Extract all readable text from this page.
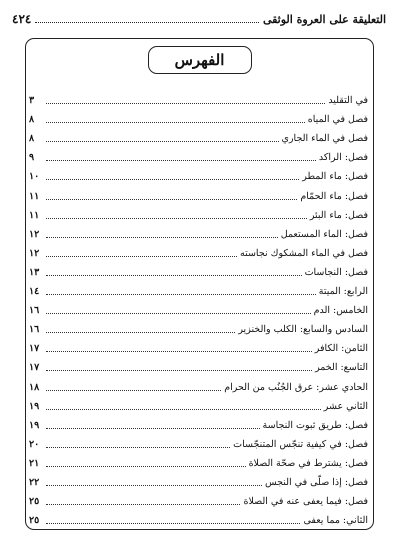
التعليقة على العروة الوثقى
٤٢٤
الفهرس
في التقليد
٣
فصل في المياه
٨
فصل في الماء الجاري
٨
فصل: الراكد
٩
فصل: ماء المطر
١٠
فصل: ماء الحمّام
١١
فصل: ماء البئر
١١
فصل: الماء المستعمل
١٢
فصل في الماء المشكوك نجاسته
١٢
فصل: النجاسات
١٣
الرابع: الميتة
١٤
الخامس: الدم
١٦
السادس والسابع: الكلب والخنزير
١٦
الثامن: الكافر
١٧
التاسع: الخمر
١٧
الحادي عشر: عرق الجُنُب من الحرام
١٨
الثاني عشر
١٩
فصل: طريق ثبوت النجاسة
١٩
فصل: في كيفية تنجّس المتنجّسات
٢٠
فصل: يشترط في صحّة الصلاة
٢١
فصل: إذا صلّى في النجس
٢٢
فصل: فيما يعفى عنه في الصلاة
٢٥
الثاني: مما يعفى
٢٥
